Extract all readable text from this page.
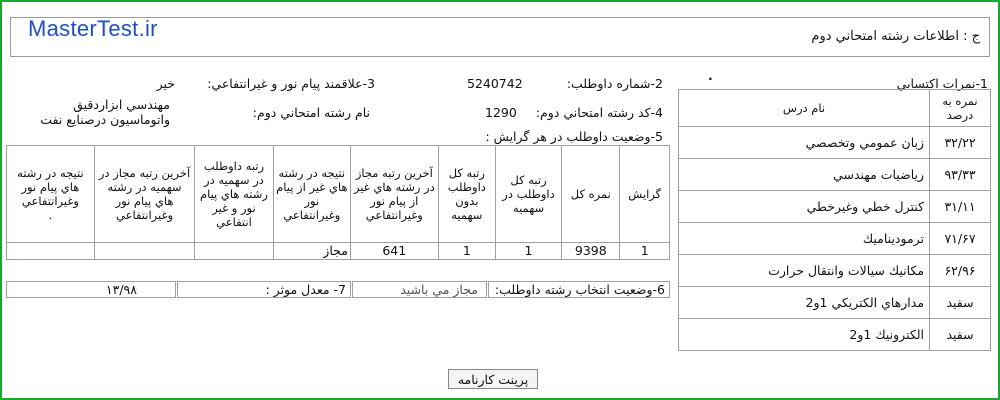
MasterTest.ir	ج : اطلاعات رشته امتحاني دوم
2-شماره داوطلب:
5240742
3-علاقمند پيام نور و غيرانتفاعي:
خير
4-كد رشته امتحاني دوم:
1290
نام رشته امتحاني دوم:
مهندسي ابزاردقيق
واتوماسيون درصنايع نفت
5-وضعيت داوطلب در هر گرايش :
1-نمرات اكتسابي
.
نام درس	نمره به درصد
زبان عمومي وتخصصي	۳۲/۲۲
رياضيات مهندسي	۹۳/۳۳
كنترل خطي وغيرخطي	۳۱/۱۱
ترموديناميك	۷۱/۶۷
مكانيك سيالات وانتقال حرارت	۶۲/۹۶
مدارهاي الكتريكي 1و2	سفيد
الكترونيك 1و2	سفيد
گرايش	نمره كل	رتبه كل داوطلب در سهميه	رتبه كل داوطلب بدون سهميه	آخرين رتبه مجاز در رشته هاي غير از پيام نور وغيرانتفاعي	نتيجه در رشته هاي غير از پيام نور وغيرانتفاعي	رتبه داوطلب در سهميه در رشته هاي پيام نور و غير انتفاعي	آخرين رتبه مجاز در سهميه در رشته هاي پيام نور وغيرانتفاعي	نتيجه در رشته هاي پيام نور وغيرانتفاعي
.
1	9398	1	1	641	مجاز			
6-وضعيت انتخاب رشته داوطلب:
مجاز مي باشيد
7- معدل موثر :
۱۳/۹۸
پرينت كارنامه
